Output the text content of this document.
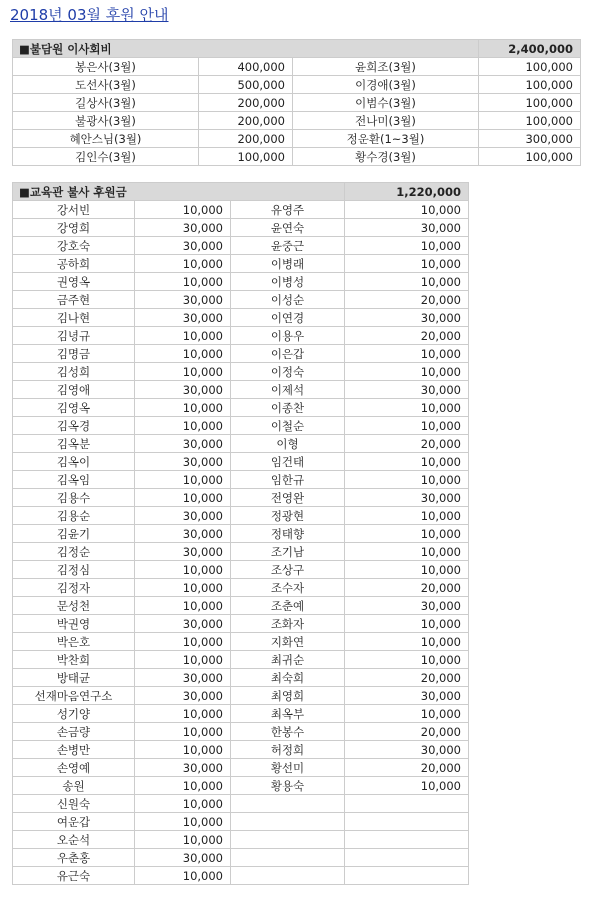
2018년 03월 후원 안내
■불담원 이사회비			2,400,000
봉은사(3월)	400,000	윤희조(3월)	100,000
도선사(3월)	500,000	이경애(3월)	100,000
길상사(3월)	200,000	이범수(3월)	100,000
불광사(3월)	200,000	전나미(3월)	100,000
혜안스님(3월)	200,000	정운환(1~3월)	300,000
김인수(3월)	100,000	황수경(3월)	100,000
■교육관 불사 후원금			1,220,000
강서빈	10,000	유영주	10,000
강영희	30,000	윤연숙	30,000
강호숙	30,000	윤중근	10,000
공하희	10,000	이병래	10,000
권영옥	10,000	이병성	10,000
금주현	30,000	이성순	20,000
김나현	30,000	이연경	30,000
김녕규	10,000	이용우	20,000
김명금	10,000	이은갑	10,000
김성희	10,000	이정숙	10,000
김영애	30,000	이제석	30,000
김영옥	10,000	이종찬	10,000
김옥경	10,000	이철순	10,000
김옥분	30,000	이형	20,000
김옥이	30,000	임건태	10,000
김옥임	10,000	임한규	10,000
김용수	10,000	전영완	30,000
김용순	30,000	정광현	10,000
김윤기	30,000	정태향	10,000
김정순	30,000	조기남	10,000
김정심	10,000	조상구	10,000
김정자	10,000	조수자	20,000
문성천	10,000	조춘예	30,000
박권영	30,000	조화자	10,000
박은호	10,000	지화연	10,000
박찬희	10,000	최귀순	10,000
방태균	30,000	최숙희	20,000
선재마음연구소	30,000	최영희	30,000
성기양	10,000	최옥부	10,000
손금량	10,000	한봉수	20,000
손병만	10,000	허정희	30,000
손영예	30,000	황선미	20,000
송원	10,000	황용숙	10,000
신원숙	10,000		
여운갑	10,000		
오순석	10,000		
우춘홍	30,000		
유근숙	10,000		
